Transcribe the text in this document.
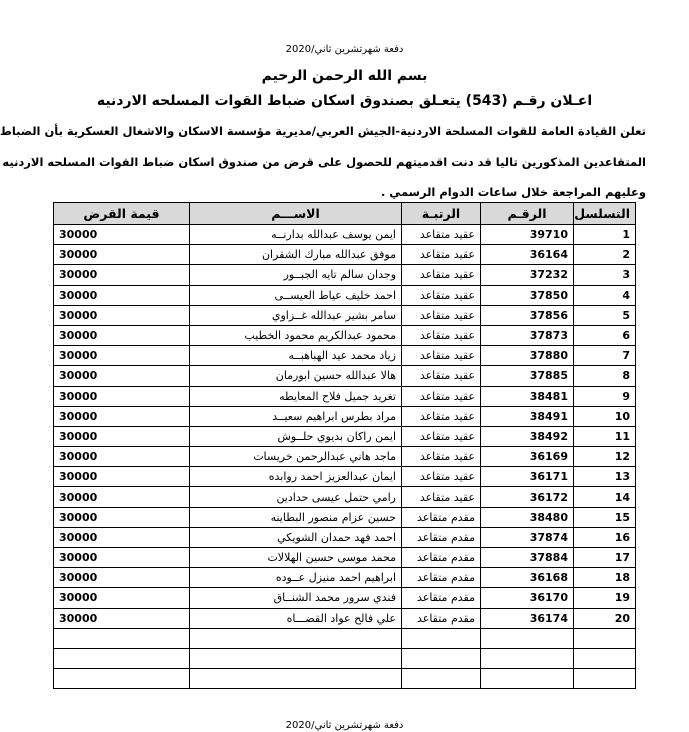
دفعة شهرتشرين ثاني/2020
بسم الله الرحمن الرحيم
اعـلان رقـم (543) يتعـلق بصندوق اسكان ضباط القوات المسلحه الاردنيه
تعلن القيادة العامة للقوات المسلحة الاردنية-الجيش العربي/مديرية مؤسسة الاسكان والاشغال العسكرية بأن الضباط
المتقاعدين المذكورين تاليا قد دنت اقدميتهم للحصول على قرض من صندوق اسكان ضباط القوات المسلحه الاردنيه
وعليهم المراجعة خلال ساعات الدوام الرسمي .
التسلسل	الرقـم	الرتبـة	الاســـم	قيمة القرض
1	39710	عقيد متقاعد	ايمن يوسف عبدالله بدارنــه	30000
2	36164	عقيد متقاعد	موفق عبدالله مبارك الشقران	30000
3	37232	عقيد متقاعد	وجدان سالم تايه الجبــور	30000
4	37850	عقيد متقاعد	احمد خليف عياط العيســى	30000
5	37856	عقيد متقاعد	سامر بشير عبدالله غــزاوي	30000
6	37873	عقيد متقاعد	محمود عبدالكريم محمود الخطيب	30000
7	37880	عقيد متقاعد	زياد محمد عيد الهباهبــه	30000
8	37885	عقيد متقاعد	هالا عبدالله حسين ابورمان	30000
9	38481	عقيد متقاعد	تغريد جميل فلاح المعايطه	30000
10	38491	عقيد متقاعد	مراد بطرس ابراهيم سعيــد	30000
11	38492	عقيد متقاعد	ايمن راكان بديوي حلــوش	30000
12	36169	عقيد متقاعد	ماجد هاني عبدالرحمن خريسات	30000
13	36171	عقيد متقاعد	ايمان عبدالعزيز احمد روابده	30000
14	36172	عقيد متقاعد	رامي حتمل عيسى حدادين	30000
15	38480	مقدم متقاعد	حسين عزام منصور البطاينه	30000
16	37874	مقدم متقاعد	احمد فهد حمدان الشويكي	30000
17	37884	مقدم متقاعد	محمد موسى حسين الهلالات	30000
18	36168	مقدم متقاعد	ابراهيم احمد منيزل عــوده	30000
19	36170	مقدم متقاعد	فندي سرور محمد الشنــاق	30000
20	36174	مقدم متقاعد	علي فالح عواد القضـــاه	30000

دفعة شهرتشرين ثاني/2020
